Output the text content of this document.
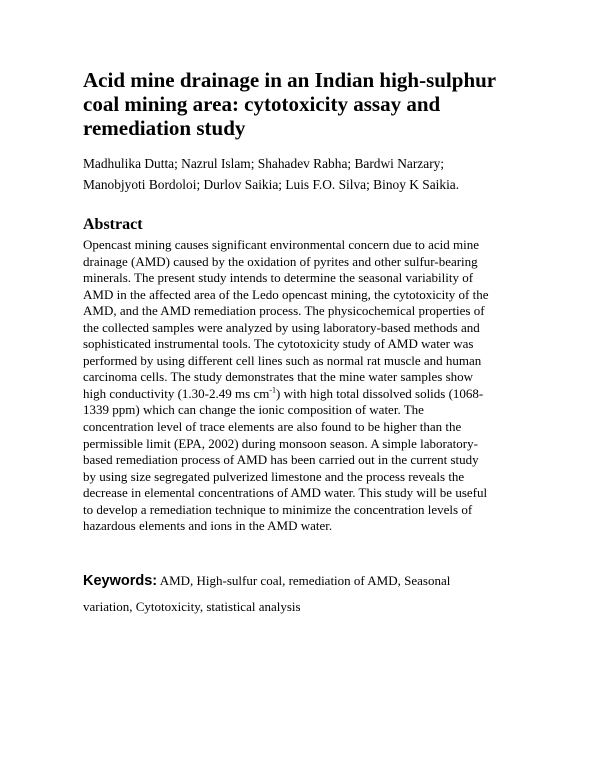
Acid mine drainage in an Indian high-sulphur coal mining area: cytotoxicity assay and remediation study
Madhulika Dutta; Nazrul Islam; Shahadev Rabha; Bardwi Narzary;
Manobjyoti Bordoloi; Durlov Saikia; Luis F.O. Silva; Binoy K Saikia.
Abstract
Opencast mining causes significant environmental concern due to acid mine
drainage (AMD) caused by the oxidation of pyrites and other sulfur-bearing
minerals. The present study intends to determine the seasonal variability of
AMD in the affected area of the Ledo opencast mining, the cytotoxicity of the
AMD, and the AMD remediation process. The physicochemical properties of
the collected samples were analyzed by using laboratory-based methods and
sophisticated instrumental tools. The cytotoxicity study of AMD water was
performed by using different cell lines such as normal rat muscle and human
carcinoma cells. The study demonstrates that the mine water samples show
high conductivity (1.30-2.49 ms $cm^{-1}$) with high total dissolved solids (1068-
1339 ppm) which can change the ionic composition of water. The
concentration level of trace elements are also found to be higher than the
permissible limit (EPA, 2002) during monsoon season. A simple laboratory-
based remediation process of AMD has been carried out in the current study
by using size segregated pulverized limestone and the process reveals the
decrease in elemental concentrations of AMD water. This study will be useful
to develop a remediation technique to minimize the concentration levels of
hazardous elements and ions in the AMD water.
Keywords: AMD, High-sulfur coal, remediation of AMD, Seasonal
variation, Cytotoxicity, statistical analysis
